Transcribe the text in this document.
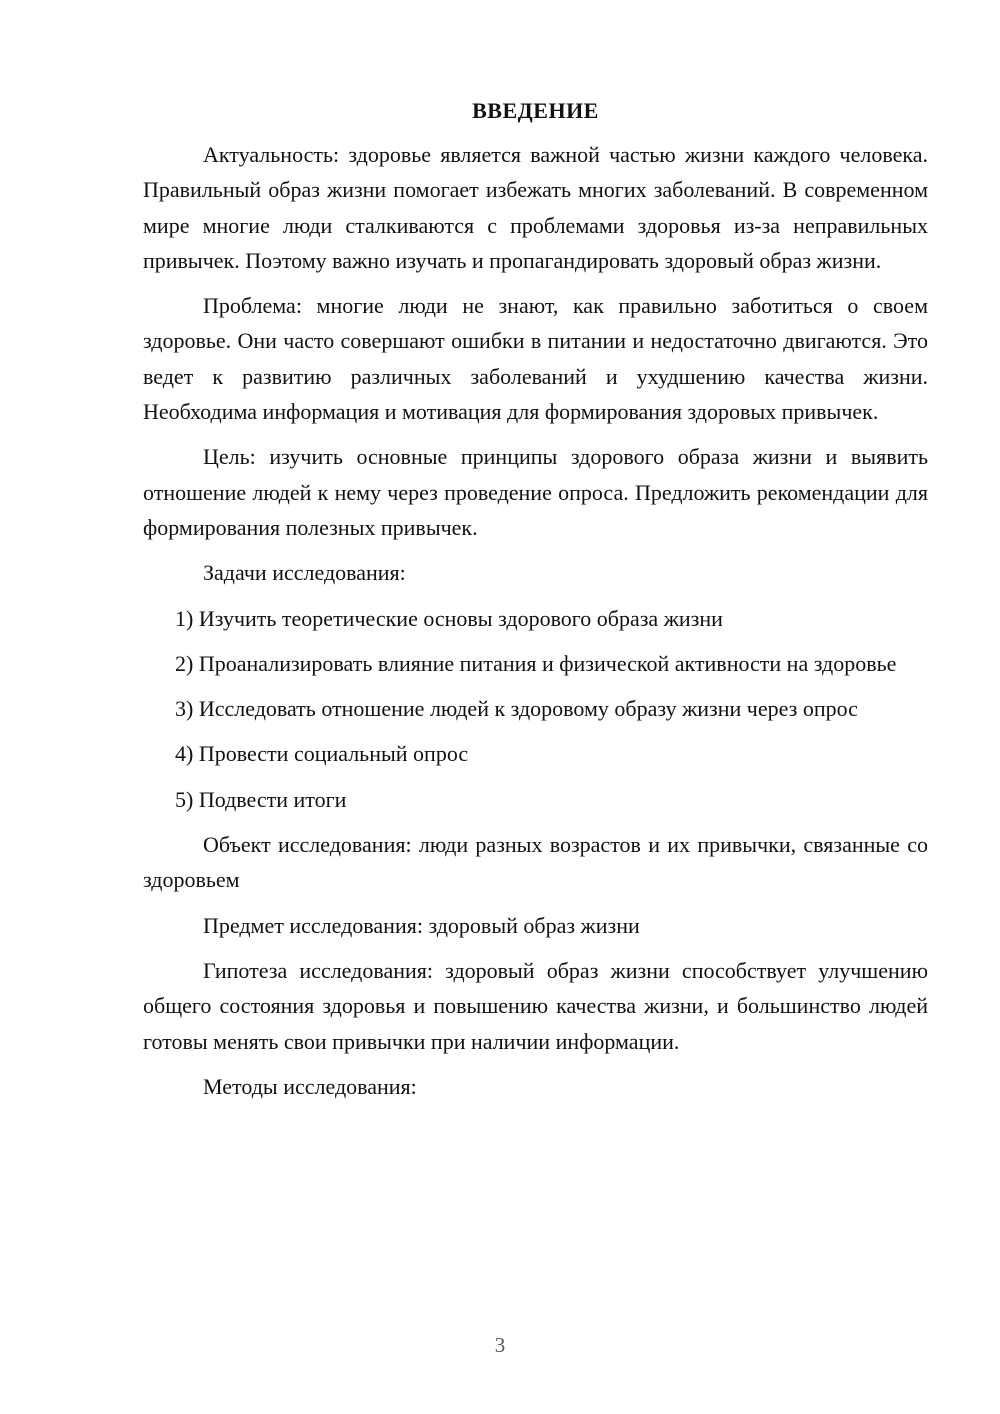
ВВЕДЕНИЕ

Актуальность: здоровье является важной частью жизни каждого человека. Правильный образ жизни помогает избежать многих заболеваний. В современном мире многие люди сталкиваются с проблемами здоровья из-за неправильных привычек. Поэтому важно изучать и пропагандировать здоровый образ жизни.

Проблема: многие люди не знают, как правильно заботиться о своем здоровье. Они часто совершают ошибки в питании и недостаточно двигаются. Это ведет к развитию различных заболеваний и ухудшению качества жизни. Необходима информация и мотивация для формирования здоровых привычек.

Цель: изучить основные принципы здорового образа жизни и выявить отношение людей к нему через проведение опроса. Предложить рекомендации для формирования полезных привычек.

Задачи исследования:

1) Изучить теоретические основы здорового образа жизни

2) Проанализировать влияние питания и физической активности на здоровье

3) Исследовать отношение людей к здоровому образу жизни через опрос

4) Провести социальный опрос

5) Подвести итоги

Объект исследования: люди разных возрастов и их привычки, связанные со здоровьем

Предмет исследования: здоровый образ жизни

Гипотеза исследования: здоровый образ жизни способствует улучшению общего состояния здоровья и повышению качества жизни, и большинство людей готовы менять свои привычки при наличии информации.

Методы исследования:

3
